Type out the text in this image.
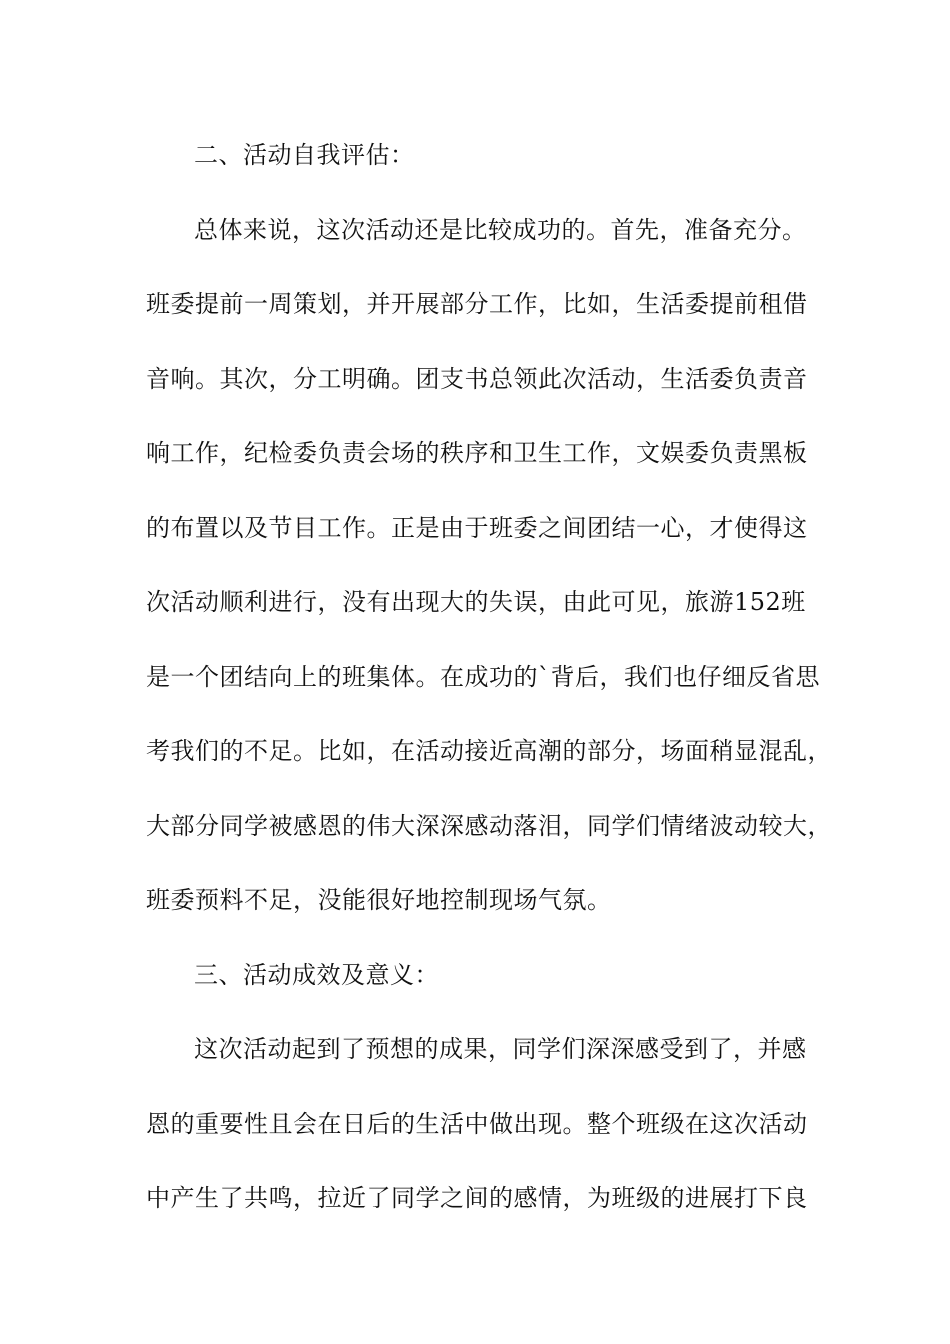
二、活动自我评估：
总体来说，这次活动还是比较成功的。首先，准备充分。
班委提前一周策划，并开展部分工作，比如，生活委提前租借
音响。其次，分工明确。团支书总领此次活动，生活委负责音
响工作，纪检委负责会场的秩序和卫生工作，文娱委负责黑板
的布置以及节目工作。正是由于班委之间团结一心，才使得这
次活动顺利进行，没有出现大的失误，由此可见，旅游152班
是一个团结向上的班集体。在成功的`背后，我们也仔细反省思
考我们的不足。比如，在活动接近高潮的部分，场面稍显混乱，
大部分同学被感恩的伟大深深感动落泪，同学们情绪波动较大，
班委预料不足，没能很好地控制现场气氛。
三、活动成效及意义：
这次活动起到了预想的成果，同学们深深感受到了，并感
恩的重要性且会在日后的生活中做出现。整个班级在这次活动
中产生了共鸣，拉近了同学之间的感情，为班级的进展打下良
